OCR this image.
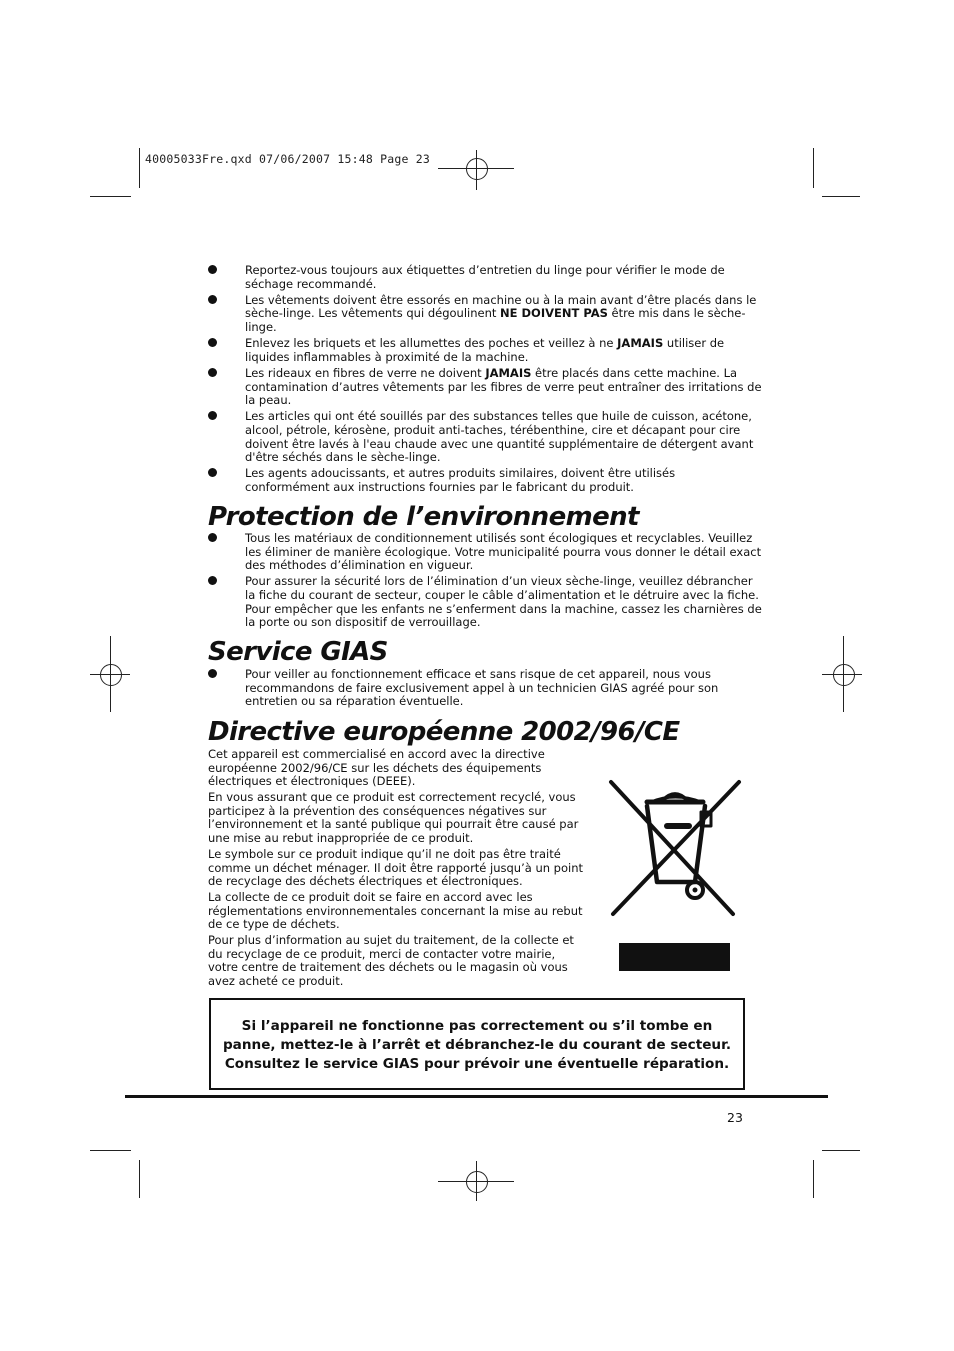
40005033Fre.qxd 07/06/2007 15:48 Page 23
Reportez-vous toujours aux étiquettes d’entretien du linge pour vérifier le mode de séchage recommandé.
Les vêtements doivent être essorés en machine ou à la main avant d’être placés dans le sèche-linge. Les vêtements qui dégoulinent NE DOIVENT PAS être mis dans le sèche-linge.
Enlevez les briquets et les allumettes des poches et veillez à ne JAMAIS utiliser de liquides inflammables à proximité de la machine.
Les rideaux en fibres de verre ne doivent JAMAIS être placés dans cette machine. La contamination d’autres vêtements par les fibres de verre peut entraîner des irritations de la peau.
Les articles qui ont été souillés par des substances telles que huile de cuisson, acétone, alcool, pétrole, kérosène, produit anti-taches, térébenthine, cire et décapant pour cire doivent être lavés à l'eau chaude avec une quantité supplémentaire de détergent avant d'être séchés dans le sèche-linge.
Les agents adoucissants, et autres produits similaires, doivent être utilisés conformément aux instructions fournies par le fabricant du produit.
Protection de l’environnement
Tous les matériaux de conditionnement utilisés sont écologiques et recyclables. Veuillez les éliminer de manière écologique. Votre municipalité pourra vous donner le détail exact des méthodes d’élimination en vigueur.
Pour assurer la sécurité lors de l’élimination d’un vieux sèche-linge, veuillez débrancher la fiche du courant de secteur, couper le câble d’alimentation et le détruire avec la fiche. Pour empêcher que les enfants ne s’enferment dans la machine, cassez les charnières de la porte ou son dispositif de verrouillage.
Service GIAS
Pour veiller au fonctionnement efficace et sans risque de cet appareil, nous vous recommandons de faire exclusivement appel à un technicien GIAS agréé pour son entretien ou sa réparation éventuelle.
Directive européenne 2002/96/CE

Cet appareil est commercialisé en accord avec la directive européenne 2002/96/CE sur les déchets des équipements électriques et électroniques (DEEE).

En vous assurant que ce produit est correctement recyclé, vous participez à la prévention des conséquences négatives sur l’environnement et la santé publique qui pourrait être causé par une mise au rebut inappropriée de ce produit.

Le symbole sur ce produit indique qu’il ne doit pas être traité comme un déchet ménager. Il doit être rapporté jusqu’à un point de recyclage des déchets électriques et électroniques.

La collecte de ce produit doit se faire en accord avec les réglementations environnementales concernant la mise au rebut de ce type de déchets.

Pour plus d’information au sujet du traitement, de la collecte et du recyclage de ce produit, merci de contacter votre mairie, votre centre de traitement des déchets ou le magasin où vous avez acheté ce produit.

Si l’appareil ne fonctionne pas correctement ou s’il tombe en panne, mettez-le à l’arrêt et débranchez-le du courant de secteur. Consultez le service GIAS pour prévoir une éventuelle réparation.

23
